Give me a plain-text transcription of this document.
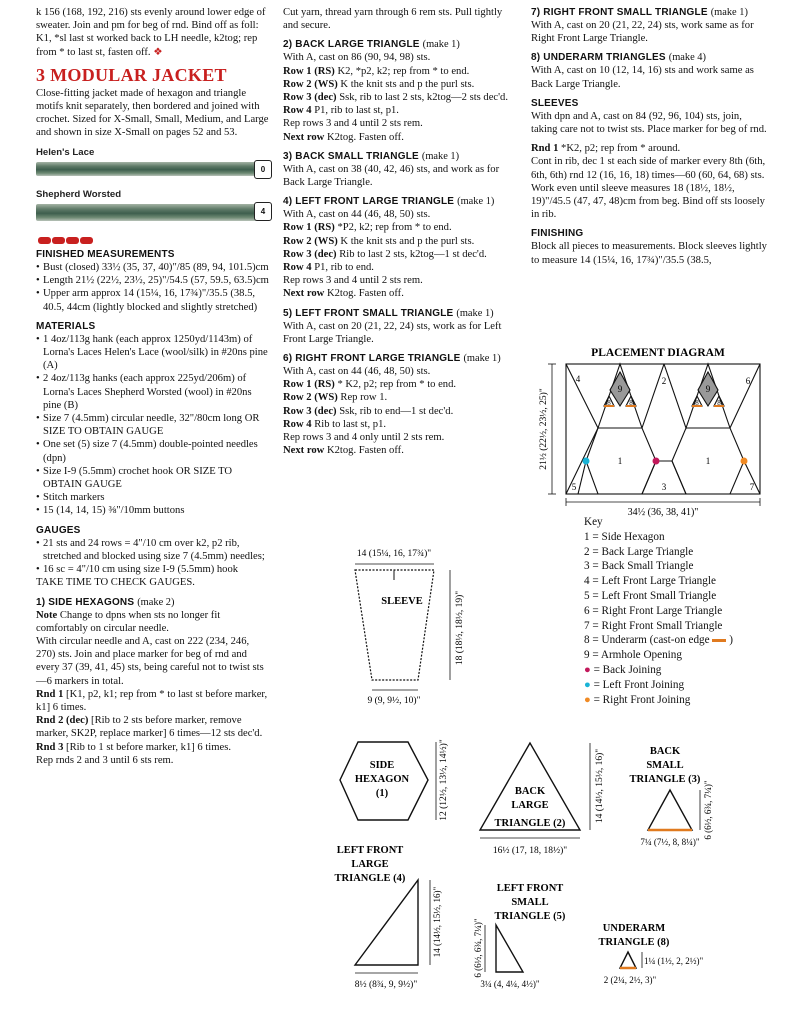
k 156 (168, 192, 216) sts evenly around lower edge of sweater. Join and pm for beg of rnd. Bind off as foll: K1, *sl last st worked back to LH needle, k2tog; rep from * to last st, fasten off. ❖

3 MODULAR JACKET

Close-fitting jacket made of hexagon and triangle motifs knit separately, then bordered and joined with crochet. Sized for X-Small, Small, Medium, and Large and shown in size X-Small on pages 52 and 53.

Helen's Lace
0
Shepherd Worsted
4
FINISHED MEASUREMENTS
• Bust (closed) 33½ (35, 37, 40)"/85 (89, 94, 101.5)cm
• Length 21½ (22½, 23½, 25)"/54.5 (57, 59.5, 63.5)cm
• Upper arm approx 14 (15¼, 16, 17¾)"/35.5 (38.5, 40.5, 44cm (lightly blocked and slightly stretched)
MATERIALS
• 1 4oz/113g hank (each approx 1250yd/1143m) of Lorna's Laces Helen's Lace (wool/silk) in #20ns pine (A)
• 2 4oz/113g hanks (each approx 225yd/206m) of Lorna's Laces Shepherd Worsted (wool) in #20ns pine (B)
• Size 7 (4.5mm) circular needle, 32"/80cm long OR SIZE TO OBTAIN GAUGE
• One set (5) size 7 (4.5mm) double-pointed needles (dpn)
• Size I-9 (5.5mm) crochet hook OR SIZE TO OBTAIN GAUGE
• Stitch markers
• 15 (14, 14, 15) ⅜"/10mm buttons
GAUGES
• 21 sts and 24 rows = 4"/10 cm over k2, p2 rib, stretched and blocked using size 7 (4.5mm) needles;
• 16 sc = 4"/10 cm using size I-9 (5.5mm) hook

TAKE TIME TO CHECK GAUGES.

1) SIDE HEXAGONS (make 2)

Note Change to dpns when sts no longer fit comfortably on circular needle.

With circular needle and A, cast on 222 (234, 246, 270) sts. Join and place marker for beg of rnd and every 37 (39, 41, 45) sts, being careful not to twist sts—6 markers in total.

Rnd 1 [K1, p2, k1; rep from * to last st before marker, k1] 6 times.

Rnd 2 (dec) [Rib to 2 sts before marker, remove marker, SK2P, replace marker] 6 times—12 sts dec'd.

Rnd 3 [Rib to 1 st before marker, k1] 6 times.

Rep rnds 2 and 3 until 6 sts rem.

Cut yarn, thread yarn through 6 rem sts. Pull tightly and secure.

2) BACK LARGE TRIANGLE (make 1)
With A, cast on 86 (90, 94, 98) sts.
Row 1 (RS) K2, *p2, k2; rep from * to end.
Row 2 (WS) K the knit sts and p the purl sts.
Row 3 (dec) Ssk, rib to last 2 sts, k2tog—2 sts dec'd.
Row 4 P1, rib to last st, p1.
Rep rows 3 and 4 until 2 sts rem.
Next row K2tog. Fasten off.
3) BACK SMALL TRIANGLE (make 1)
With A, cast on 38 (40, 42, 46) sts, and work as for Back Large Triangle.
4) LEFT FRONT LARGE TRIANGLE (make 1)
With A, cast on 44 (46, 48, 50) sts.
Row 1 (RS) *P2, k2; rep from * to end.
Row 2 (WS) K the knit sts and p the purl sts.
Row 3 (dec) Rib to last 2 sts, k2tog—1 st dec'd.
Row 4 P1, rib to end.
Rep rows 3 and 4 until 2 sts rem.
Next row K2tog. Fasten off.
5) LEFT FRONT SMALL TRIANGLE (make 1)
With A, cast on 20 (21, 22, 24) sts, work as for Left Front Large Triangle.
6) RIGHT FRONT LARGE TRIANGLE (make 1)
With A, cast on 44 (46, 48, 50) sts.
Row 1 (RS) * K2, p2; rep from * to end.
Row 2 (WS) Rep row 1.
Row 3 (dec) Ssk, rib to end—1 st dec'd.
Row 4 Rib to last st, p1.
Rep rows 3 and 4 only until 2 sts rem.
Next row K2tog. Fasten off.
7) RIGHT FRONT SMALL TRIANGLE (make 1)
With A, cast on 20 (21, 22, 24) sts, work same as for Right Front Large Triangle.
8) UNDERARM TRIANGLES (make 4)
With A, cast on 10 (12, 14, 16) sts and work same as Back Large Triangle.
SLEEVES

With dpn and A, cast on 84 (92, 96, 104) sts, join, taking care not to twist sts. Place marker for beg of rnd.

Rnd 1 *K2, p2; rep from * around.

Cont in rib, dec 1 st each side of marker every 8th (6th, 6th, 6th) rnd 12 (16, 16, 18) times—60 (60, 64, 68) sts. Work even until sleeve measures 18 (18½, 18½, 19)"/45.5 (47, 47, 48)cm from beg. Bind off sts loosely in rib.

FINISHING
Block all pieces to measurements. Block sleeves lightly to measure 14 (15¼, 16, 17¾)"/35.5 (38.5,
PLACEMENT DIAGRAM
4
9
8	8
2
9
8	8
6
1	1
5	3	7
21½ (22½, 23½, 25)"
34½ (36, 38, 41)"
Key
1 = Side Hexagon
2 = Back Large Triangle
3 = Back Small Triangle
4 = Left Front Large Triangle
5 = Left Front Small Triangle
6 = Right Front Large Triangle
7 = Right Front Small Triangle
8 = Underarm (cast-on edge )
9 = Armhole Opening
● = Back Joining
● = Left Front Joining
● = Right Front Joining
14 (15¼, 16, 17¾)"
SLEEVE	18 (18½, 18½, 19)"
9 (9, 9½, 10)"
SIDE
HEXAGON
(1)	12 (12½, 13½, 14½)"	BACK
LARGE
TRIANGLE (2)
14 (14½, 15½, 16)"
16½ (17, 18, 18½)"
BACK
SMALL
TRIANGLE (3)
6 (6½, 6¾, 7¼)"
7¼ (7½, 8, 8¼)"
LEFT FRONT
LARGE
TRIANGLE (4)
14 (14½, 15½, 16)"
8½ (8¾, 9, 9½)"
LEFT FRONT
SMALL
TRIANGLE (5)
6 (6½, 6¾, 7¼)"
3¼ (4, 4¼, 4½)"
UNDERARM
TRIANGLE (8)
1¼ (1½, 2, 2½)"
2 (2¼, 2½, 3)"
